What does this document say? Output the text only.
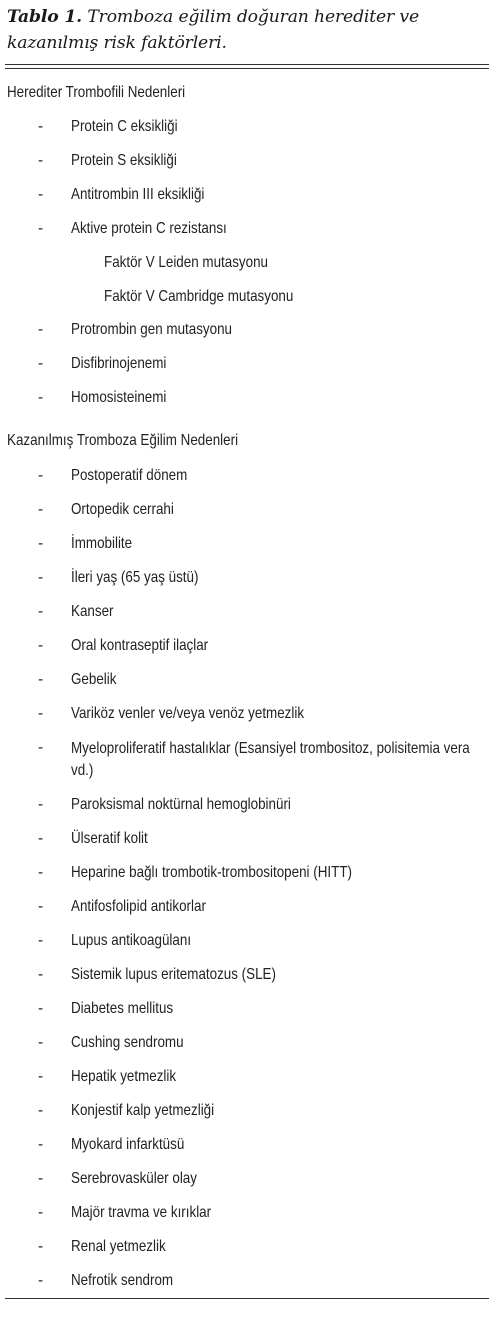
Tablo 1. Tromboza eğilim doğuran herediter ve kazanılmış risk faktörleri.
Herediter Trombofili Nedenleri
- Protein C eksikliği
- Protein S eksikliği
- Antitrombin III eksikliği
- Aktive protein C rezistansı
Faktör V Leiden mutasyonu
Faktör V Cambridge mutasyonu
- Protrombin gen mutasyonu
- Disfibrinojenemi
- Homosisteinemi
Kazanılmış Tromboza Eğilim Nedenleri
- Postoperatif dönem
- Ortopedik cerrahi
- İmmobilite
- İleri yaş (65 yaş üstü)
- Kanser
- Oral kontraseptif ilaçlar
- Gebelik
- Variköz venler ve/veya venöz yetmezlik
- Myeloproliferatif hastalıklar (Esansiyel trombositoz, polisitemia vera vd.)
- Paroksismal noktürnal hemoglobinüri
- Ülseratif kolit
- Heparine bağlı trombotik-trombositopeni (HITT)
- Antifosfolipid antikorlar
- Lupus antikoagülanı
- Sistemik lupus eritematozus (SLE)
- Diabetes mellitus
- Cushing sendromu
- Hepatik yetmezlik
- Konjestif kalp yetmezliği
- Myokard infarktüsü
- Serebrovasküler olay
- Majör travma ve kırıklar
- Renal yetmezlik
- Nefrotik sendrom
